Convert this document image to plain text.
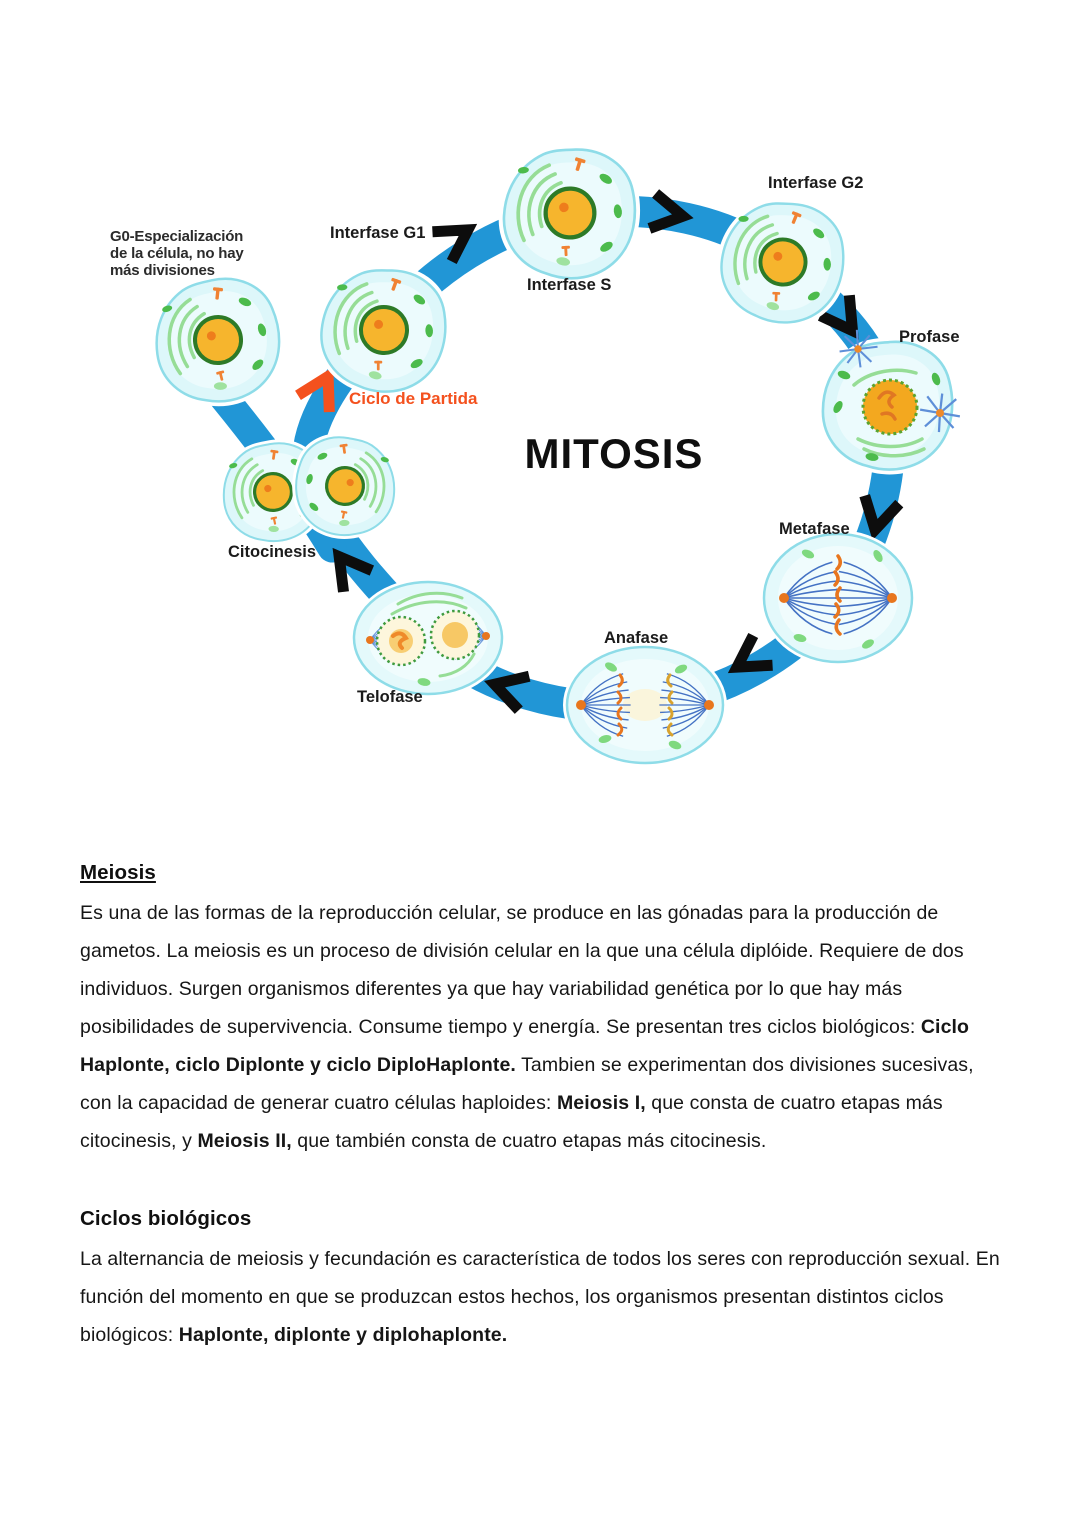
G0-Especialización
de la célula, no hay
más divisiones
Interfase G1
Interfase S
Interfase G2
Profase
Metafase
Anafase
Telofase
Citocinesis
Ciclo de Partida
MITOSIS
Meiosis

Es una de las formas de la reproducción celular, se produce en las gónadas para la producción de gametos. La meiosis es un proceso de división celular en la que una célula diplóide. Requiere de dos individuos. Surgen organismos diferentes ya que hay variabilidad genética por lo que hay más posibilidades de supervivencia. Consume tiempo y energía. Se presentan tres ciclos biológicos: Ciclo Haplonte, ciclo Diplonte y ciclo DiploHaplonte. Tambien se experimentan dos divisiones sucesivas, con la capacidad de generar cuatro células haploides: Meiosis I, que consta de cuatro etapas más citocinesis, y Meiosis II, que también consta de cuatro etapas más citocinesis.

Ciclos biológicos

La alternancia de meiosis y fecundación es característica de todos los seres con reproducción sexual. En función del momento en que se produzcan estos hechos, los organismos presentan distintos ciclos biológicos: Haplonte, diplonte y diplohaplonte.
